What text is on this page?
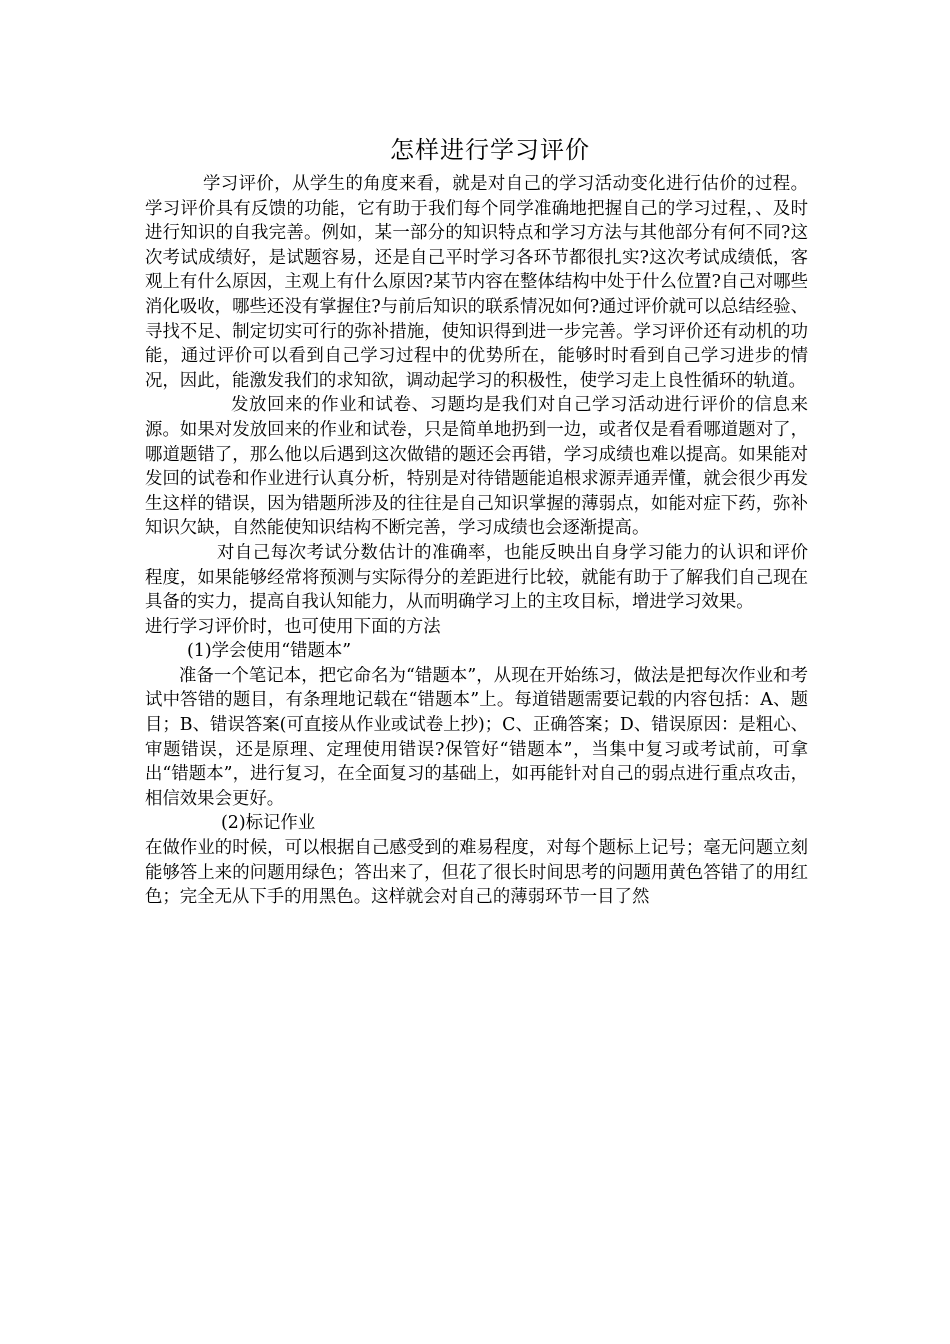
怎样进行学习评价

学习评价，从学生的角度来看，就是对自己的学习活动变化进行估价的过程。学习评价具有反馈的功能，它有助于我们每个同学准确地把握自己的学习过程，、及时进行知识的自我完善。例如，某一部分的知识特点和学习方法与其他部分有何不同?这次考试成绩好，是试题容易，还是自己平时学习各环节都很扎实?这次考试成绩低，客观上有什么原因，主观上有什么原因?某节内容在整体结构中处于什么位置?自己对哪些消化吸收，哪些还没有掌握住?与前后知识的联系情况如何?通过评价就可以总结经验、寻找不足、制定切实可行的弥补措施，使知识得到进一步完善。学习评价还有动机的功能，通过评价可以看到自己学习过程中的优势所在，能够时时看到自己学习进步的情况，因此，能激发我们的求知欲，调动起学习的积极性，使学习走上良性循环的轨道。

发放回来的作业和试卷、习题均是我们对自己学习活动进行评价的信息来源。如果对发放回来的作业和试卷，只是简单地扔到一边，或者仅是看看哪道题对了，哪道题错了，那么他以后遇到这次做错的题还会再错，学习成绩也难以提高。如果能对发回的试卷和作业进行认真分析，特别是对待错题能追根求源弄通弄懂，就会很少再发生这样的错误，因为错题所涉及的往往是自己知识掌握的薄弱点，如能对症下药，弥补知识欠缺，自然能使知识结构不断完善，学习成绩也会逐渐提高。

对自己每次考试分数估计的准确率，也能反映出自身学习能力的认识和评价程度，如果能够经常将预测与实际得分的差距进行比较，就能有助于了解我们自己现在具备的实力，提高自我认知能力，从而明确学习上的主攻目标，增进学习效果。

进行学习评价时，也可使用下面的方法

(1)学会使用“错题本”

准备一个笔记本，把它命名为“错题本”，从现在开始练习，做法是把每次作业和考试中答错的题目，有条理地记载在“错题本”上。每道错题需要记载的内容包括：A、题目；B、错误答案(可直接从作业或试卷上抄)；C、正确答案；D、错误原因：是粗心、审题错误，还是原理、定理使用错误?保管好“错题本”，当集中复习或考试前，可拿出“错题本”，进行复习，在全面复习的基础上，如再能针对自己的弱点进行重点攻击，相信效果会更好。

(2)标记作业

在做作业的时候，可以根据自己感受到的难易程度，对每个题标上记号；毫无问题立刻能够答上来的问题用绿色；答出来了，但花了很长时间思考的问题用黄色答错了的用红色；完全无从下手的用黑色。这样就会对自己的薄弱环节一目了然
